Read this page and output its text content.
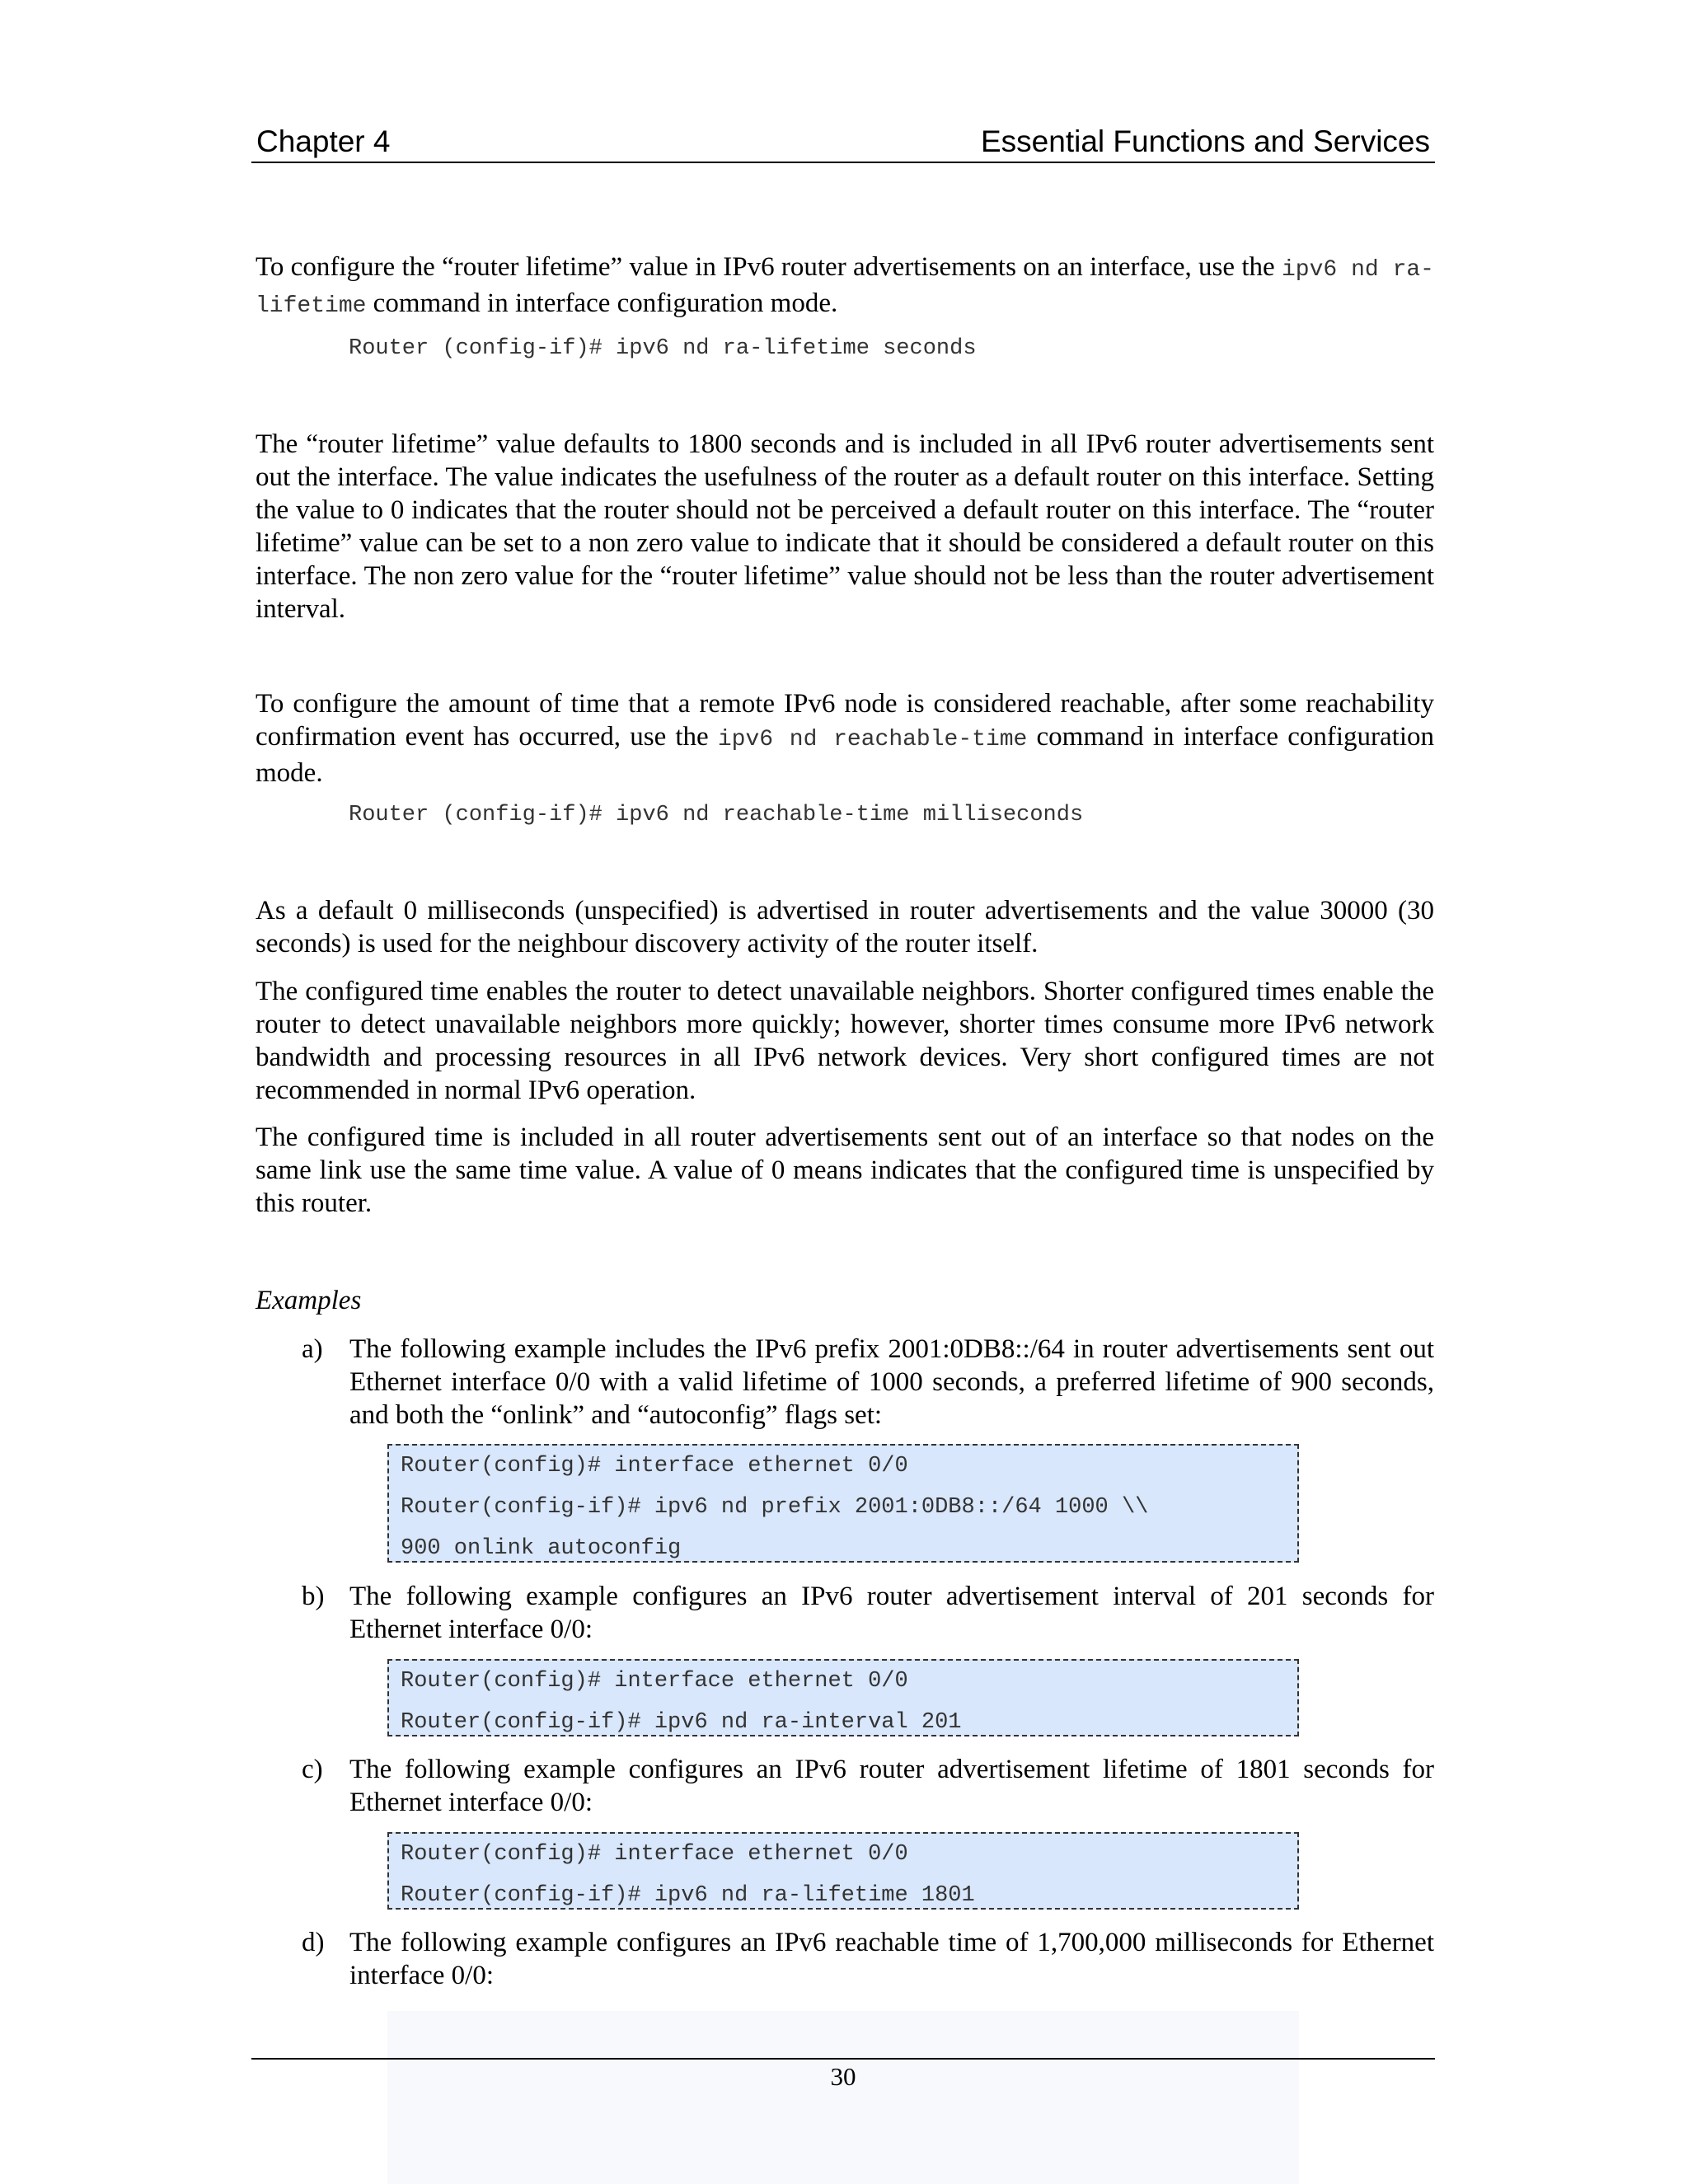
Chapter 4	Essential Functions and Services

To configure the “router lifetime” value in IPv6 router advertisements on an interface, use the ipv6 nd ra-lifetime command in interface configuration mode.

Router (config-if)# ipv6 nd ra-lifetime seconds

The “router lifetime” value defaults to 1800 seconds and is included in all IPv6 router advertisements sent out the interface. The value indicates the usefulness of the router as a default router on this interface. Setting the value to 0 indicates that the router should not be perceived a default router on this interface. The “router lifetime” value can be set to a non zero value to indicate that it should be considered a default router on this interface. The non zero value for the “router lifetime” value should not be less than the router advertisement interval.

To configure the amount of time that a remote IPv6 node is considered reachable, after some reachability confirmation event has occurred, use the ipv6 nd reachable-time command in interface configuration mode.

Router (config-if)# ipv6 nd reachable-time milliseconds

As a default 0 milliseconds (unspecified) is advertised in router advertisements and the value 30000 (30 seconds) is used for the neighbour discovery activity of the router itself.

The configured time enables the router to detect unavailable neighbors. Shorter configured times enable the router to detect unavailable neighbors more quickly; however, shorter times consume more IPv6 network bandwidth and processing resources in all IPv6 network devices. Very short configured times are not recommended in normal IPv6 operation.

The configured time is included in all router advertisements sent out of an interface so that nodes on the same link use the same time value. A value of 0 means indicates that the configured time is unspecified by this router.

Examples
a) The following example includes the IPv6 prefix 2001:0DB8::/64 in router advertisements sent out Ethernet interface 0/0 with a valid lifetime of 1000 seconds, a preferred lifetime of 900 seconds, and both the “onlink” and “autoconfig” flags set:
Router(config)# interface ethernet 0/0
Router(config-if)# ipv6 nd prefix 2001:0DB8::/64 1000 \\
900 onlink autoconfig
b) The following example configures an IPv6 router advertisement interval of 201 seconds for Ethernet interface 0/0:
Router(config)# interface ethernet 0/0
Router(config-if)# ipv6 nd ra-interval 201
c) The following example configures an IPv6 router advertisement lifetime of 1801 seconds for Ethernet interface 0/0:
Router(config)# interface ethernet 0/0
Router(config-if)# ipv6 nd ra-lifetime 1801
d) The following example configures an IPv6 reachable time of 1,700,000 milliseconds for Ethernet interface 0/0:
30
